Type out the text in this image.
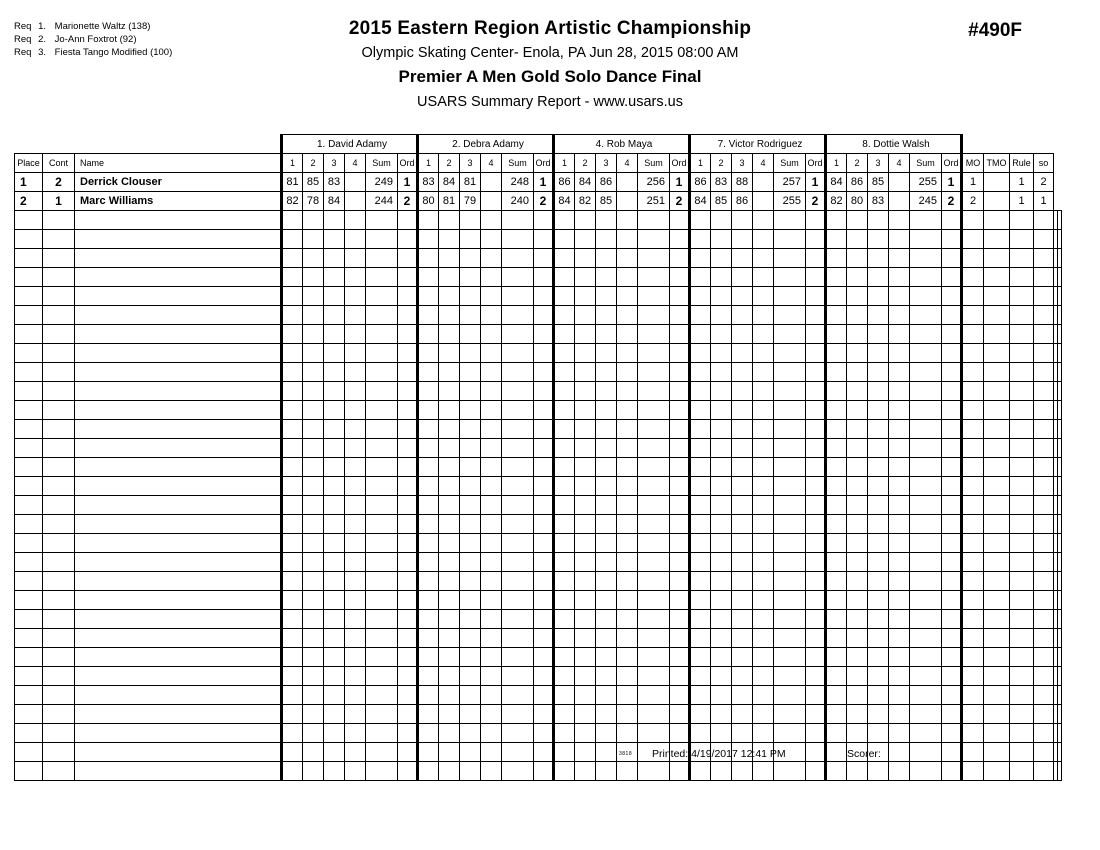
Req 1. Marionette Waltz (138)
Req 2. Jo-Ann Foxtrot (92)
Req 3. Fiesta Tango Modified (100)
2015 Eastern Region Artistic Championship
Olympic Skating Center- Enola, PA Jun 28, 2015 08:00 AM
Premier A Men Gold Solo Dance Final
USARS Summary Report - www.usars.us
#490F
			1. David Adamy						2. Debra Adamy						4. Rob Maya						7. Victor Rodriguez						8. Dottie Walsh											
Place	Cont	Name	1	2	3	4	Sum	Ord	1	2	3	4	Sum	Ord	1	2	3	4	Sum	Ord	1	2	3	4	Sum	Ord	1	2	3	4	Sum	Ord	MO	TMO	Rule	so		
1	2	Derrick Clouser	81	85	83		249	1	83	84	81		248	1	86	84	86		256	1	86	83	88		257	1	84	86	85		255	1	1		1	2		
2	1	Marc Williams	82	78	84		244	2	80	81	79		240	2	84	82	85		251	2	84	85	86		255	2	82	80	83		245	2	2		1	1		

3818 Printed: 4/19/2017 12:41 PM	Scorer:
